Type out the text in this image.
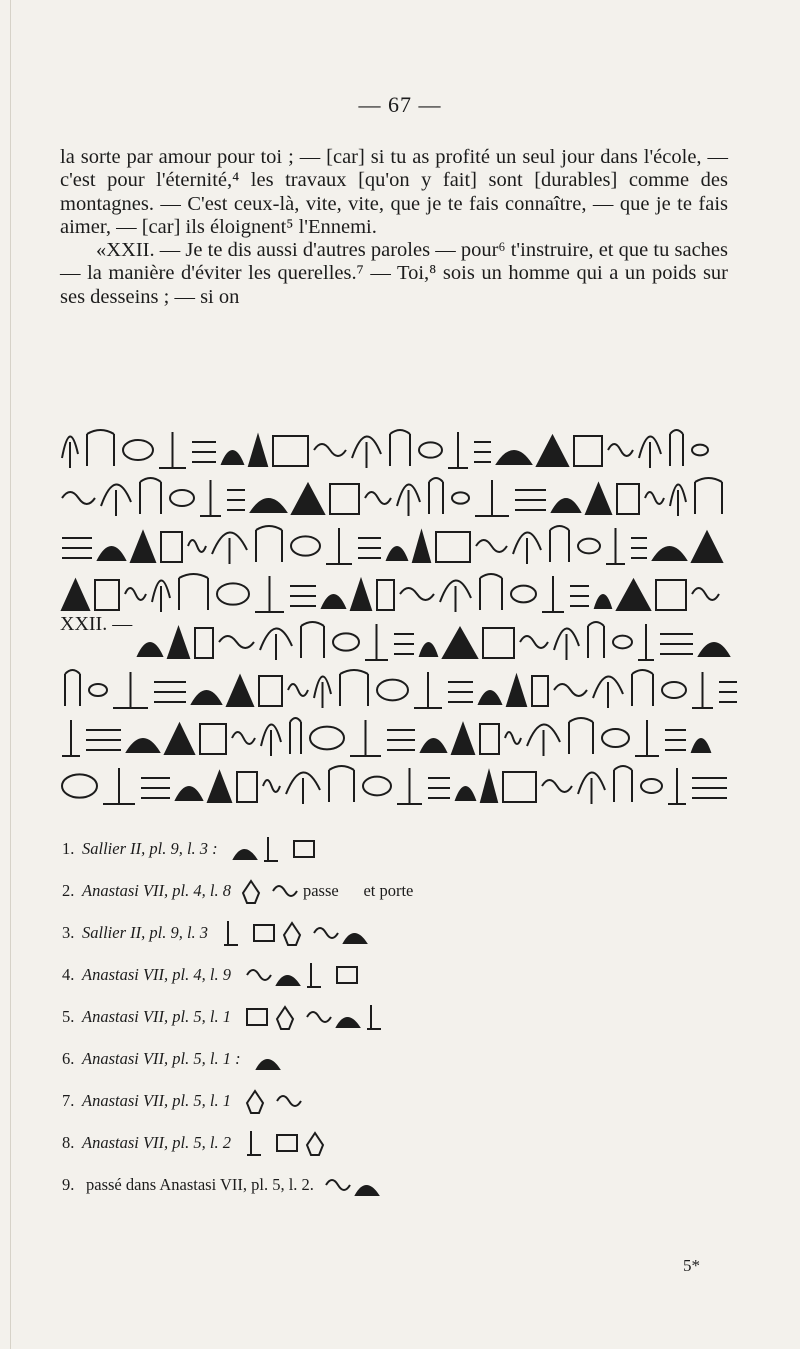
— 67 —

la sorte par amour pour toi ; — [car] si tu as profité un seul jour dans l'école, — c'est pour l'éternité,⁴ les travaux [qu'on y fait] sont [durables] comme des montagnes. — C'est ceux-là, vite, vite, que je te fais connaître, — que je te fais aimer, — [car] ils éloignent⁵ l'Ennemi.

«XXII. — Je te dis aussi d'autres paroles — pour⁶ t'instruire, et que tu saches — la manière d'éviter les querelles.⁷ — Toi,⁸ sois un homme qui a un poids sur ses desseins ; — si on

XXII. —
1. Sallier II, pl. 9, l. 3 :
2. Anastasi VII, pl. 4, l. 8	passe      et porte
3. Sallier II, pl. 9, l. 3
4. Anastasi VII, pl. 4, l. 9
5. Anastasi VII, pl. 5, l. 1
6. Anastasi VII, pl. 5, l. 1 :
7. Anastasi VII, pl. 5, l. 1
8. Anastasi VII, pl. 5, l. 2
9. passé dans Anastasi VII, pl. 5, l. 2.
5*
